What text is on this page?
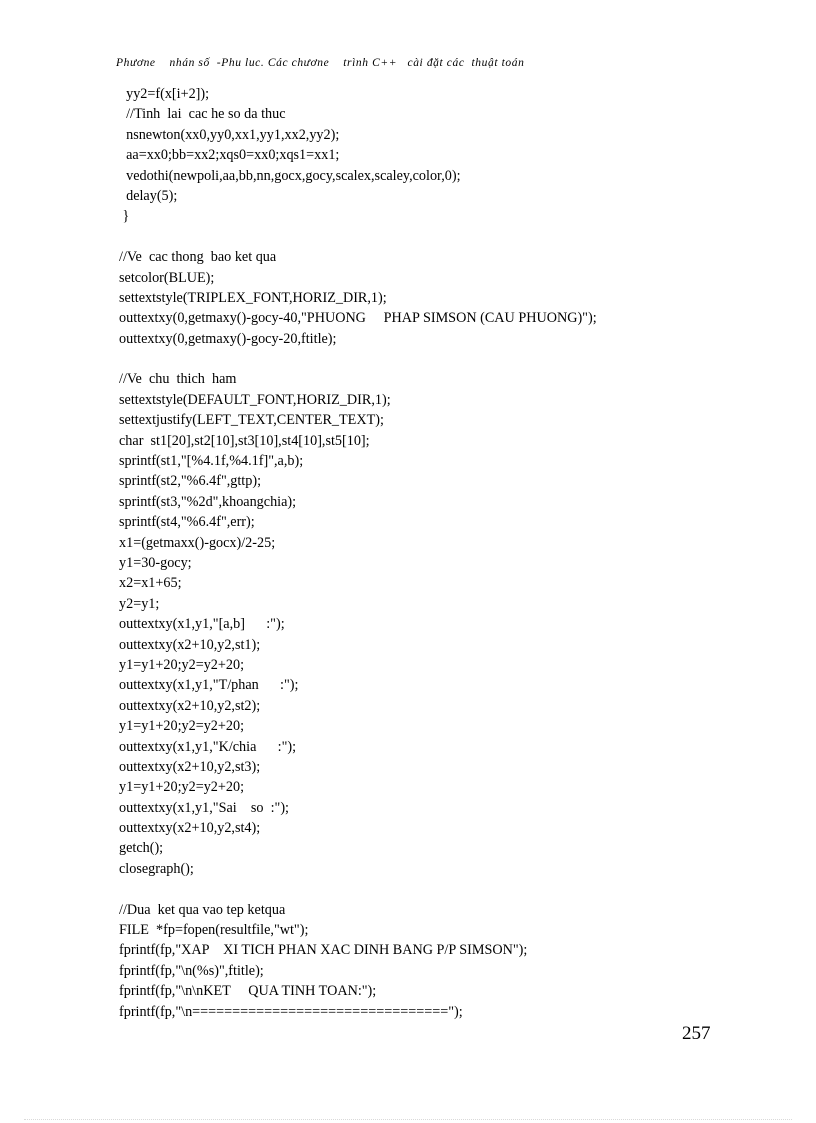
Phươne    nhán số  -Phu luc. Các chươne    trình C++   cài đặt các  thuật toán
yy2=f(x[i+2]);
//Tinh  lai  cac he so da thuc
nsnewton(xx0,yy0,xx1,yy1,xx2,yy2);
aa=xx0;bb=xx2;xqs0=xx0;xqs1=xx1;
vedothi(newpoli,aa,bb,nn,gocx,gocy,scalex,scaley,color,0);
delay(5);
}
//Ve  cac thong  bao ket qua
setcolor(BLUE);
settextstyle(TRIPLEX_FONT,HORIZ_DIR,1);
outtextxy(0,getmaxy()-gocy-40,"PHUONG     PHAP SIMSON (CAU PHUONG)");
outtextxy(0,getmaxy()-gocy-20,ftitle);
//Ve  chu  thich  ham
settextstyle(DEFAULT_FONT,HORIZ_DIR,1);
settextjustify(LEFT_TEXT,CENTER_TEXT);
char  st1[20],st2[10],st3[10],st4[10],st5[10];
sprintf(st1,"[%4.1f,%4.1f]",a,b);
sprintf(st2,"%6.4f",gttp);
sprintf(st3,"%2d",khoangchia);
sprintf(st4,"%6.4f",err);
x1=(getmaxx()-gocx)/2-25;
y1=30-gocy;
x2=x1+65;
y2=y1;
outtextxy(x1,y1,"[a,b]      :");
outtextxy(x2+10,y2,st1);
y1=y1+20;y2=y2+20;
outtextxy(x1,y1,"T/phan      :");
outtextxy(x2+10,y2,st2);
y1=y1+20;y2=y2+20;
outtextxy(x1,y1,"K/chia      :");
outtextxy(x2+10,y2,st3);
y1=y1+20;y2=y2+20;
outtextxy(x1,y1,"Sai    so  :");
outtextxy(x2+10,y2,st4);
getch();
closegraph();
//Dua  ket qua vao tep ketqua
FILE  *fp=fopen(resultfile,"wt");
fprintf(fp,"XAP    XI TICH PHAN XAC DINH BANG P/P SIMSON");
fprintf(fp,"\n(%s)",ftitle);
fprintf(fp,"\n\nKET     QUA TINH TOAN:");
fprintf(fp,"\n================================");
257
